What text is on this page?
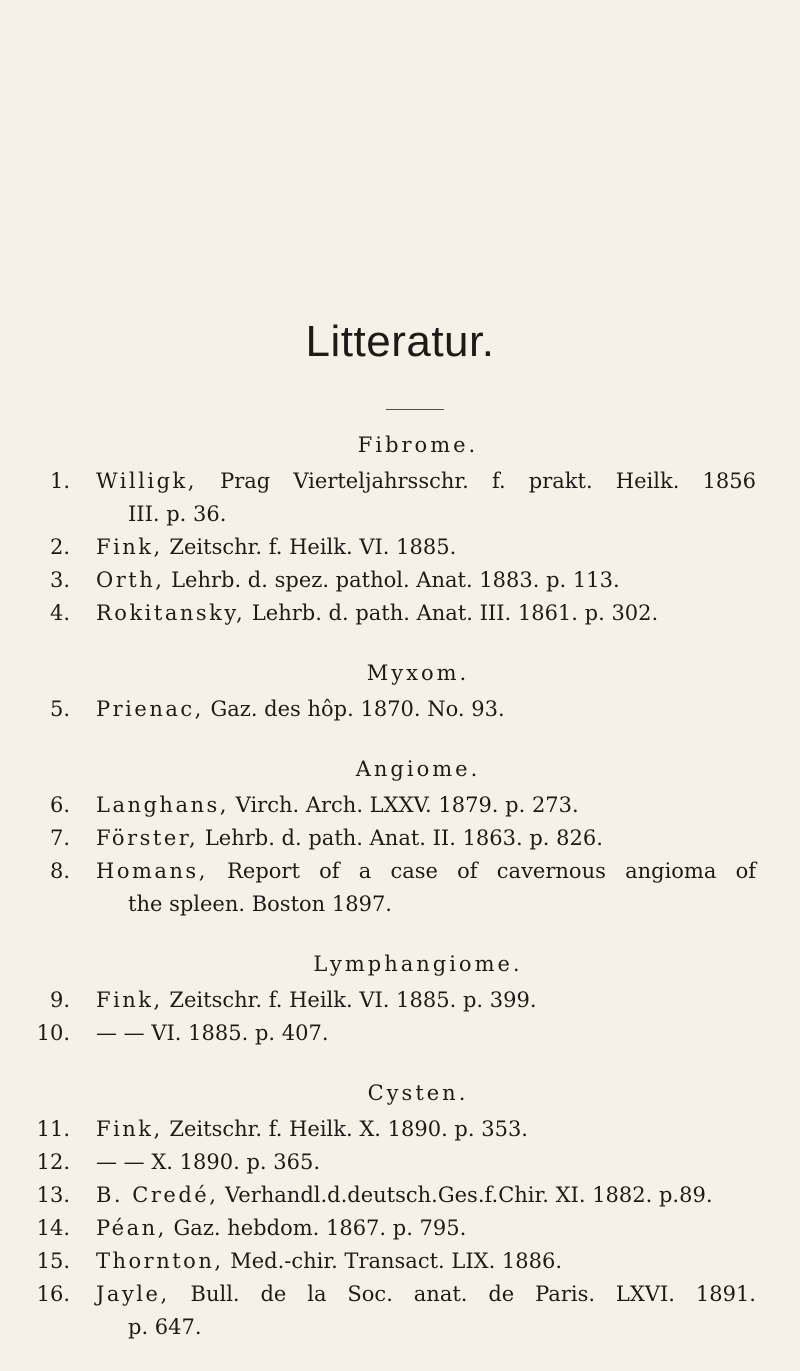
Litteratur.
Fibrome.
1. Willigk, Prag Vierteljahrsschr. f. prakt. Heilk. 1856
III. p. 36.
2. Fink, Zeitschr. f. Heilk. VI. 1885.
3. Orth, Lehrb. d. spez. pathol. Anat. 1883. p. 113.
4. Rokitansky, Lehrb. d. path. Anat. III. 1861. p. 302.
Myxom.
5. Prienac, Gaz. des hôp. 1870. No. 93.
Angiome.
6. Langhans, Virch. Arch. LXXV. 1879. p. 273.
7. Förster, Lehrb. d. path. Anat. II. 1863. p. 826.
8. Homans, Report of a case of cavernous angioma of
the spleen. Boston 1897.
Lymphangiome.
9. Fink, Zeitschr. f. Heilk. VI. 1885. p. 399.
10. — — VI. 1885. p. 407.
Cysten.
11. Fink, Zeitschr. f. Heilk. X. 1890. p. 353.
12. — — X. 1890. p. 365.
13. B. Credé, Verhandl.d.deutsch.Ges.f.Chir. XI. 1882. p.89.
14. Péan, Gaz. hebdom. 1867. p. 795.
15. Thornton, Med.-chir. Transact. LIX. 1886.
16. Jayle, Bull. de la Soc. anat. de Paris. LXVI. 1891.
p. 647.
